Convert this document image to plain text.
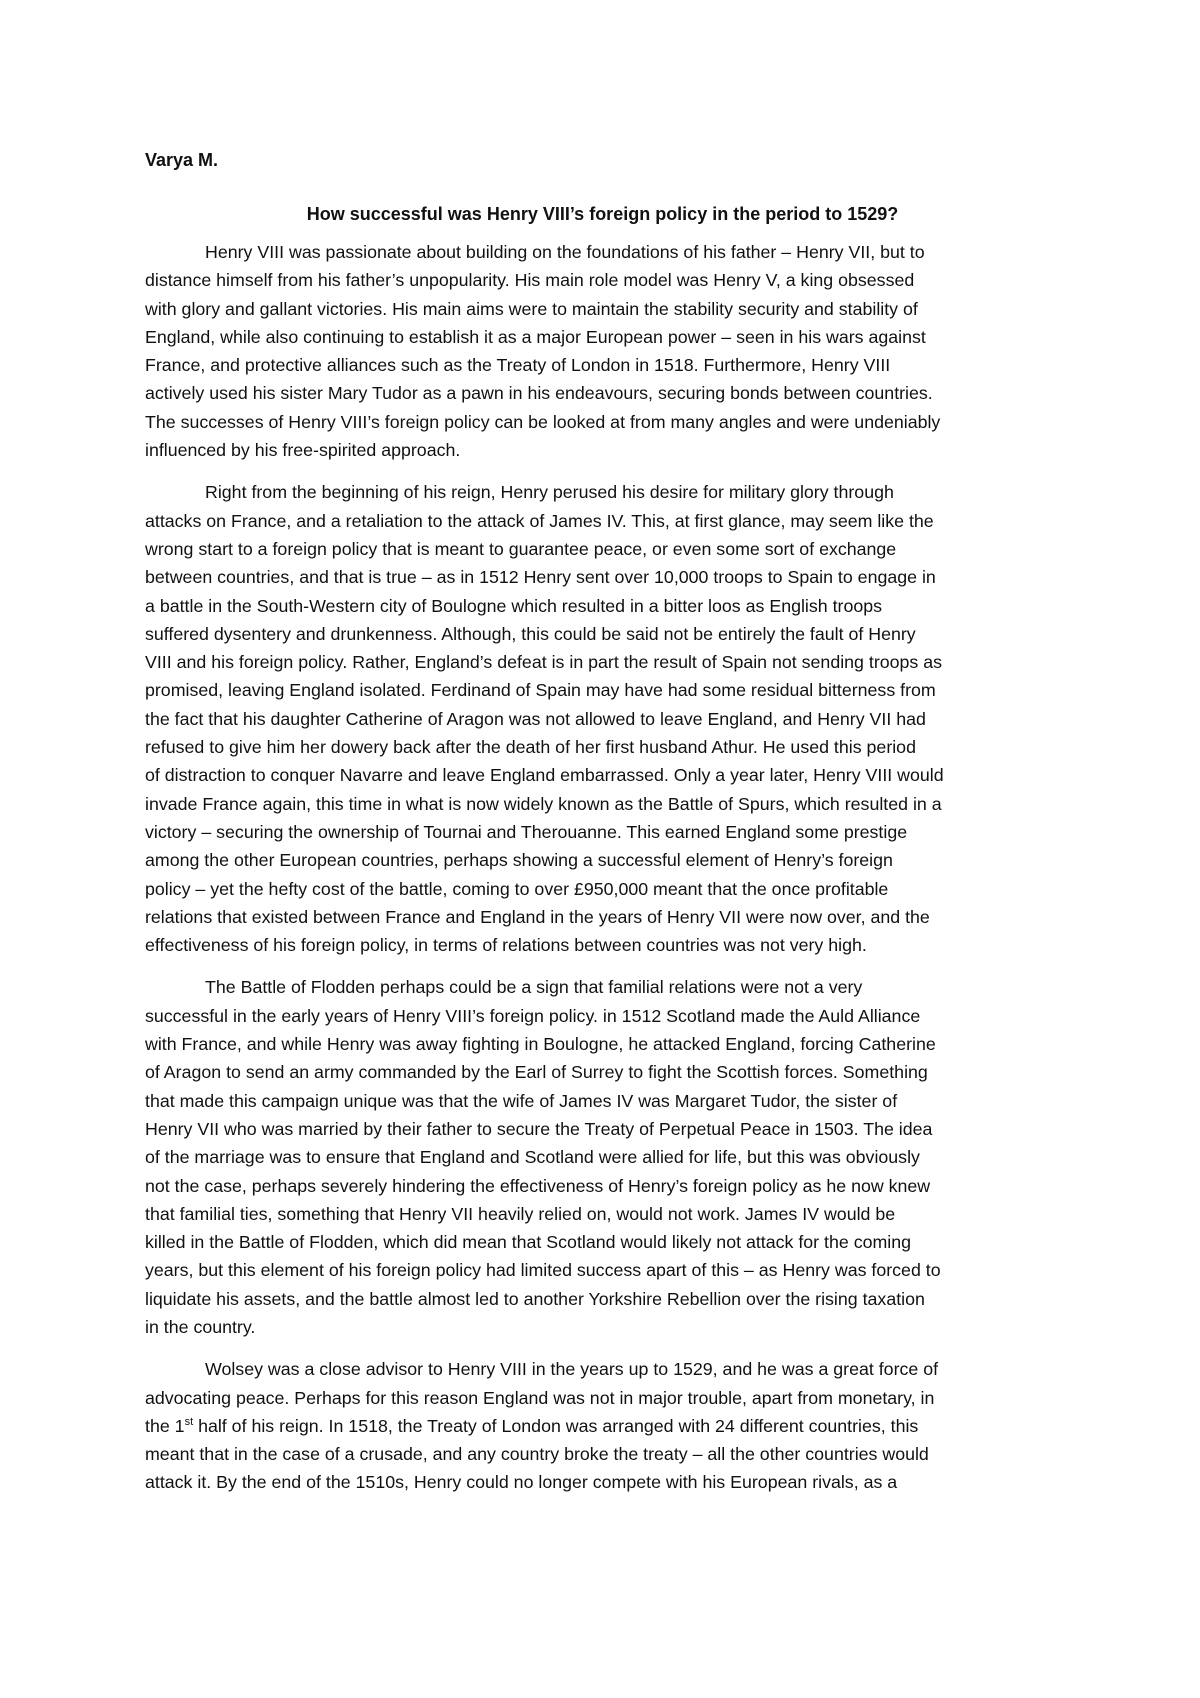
Varya M.
How successful was Henry VIII’s foreign policy in the period to 1529?
Henry VIII was passionate about building on the foundations of his father – Henry VII, but to
distance himself from his father’s unpopularity. His main role model was Henry V, a king obsessed
with glory and gallant victories. His main aims were to maintain the stability security and stability of
England, while also continuing to establish it as a major European power – seen in his wars against
France, and protective alliances such as the Treaty of London in 1518. Furthermore, Henry VIII
actively used his sister Mary Tudor as a pawn in his endeavours, securing bonds between countries.
The successes of Henry VIII’s foreign policy can be looked at from many angles and were undeniably
influenced by his free-spirited approach.
Right from the beginning of his reign, Henry perused his desire for military glory through
attacks on France, and a retaliation to the attack of James IV. This, at first glance, may seem like the
wrong start to a foreign policy that is meant to guarantee peace, or even some sort of exchange
between countries, and that is true – as in 1512 Henry sent over 10,000 troops to Spain to engage in
a battle in the South-Western city of Boulogne which resulted in a bitter loos as English troops
suffered dysentery and drunkenness. Although, this could be said not be entirely the fault of Henry
VIII and his foreign policy. Rather, England’s defeat is in part the result of Spain not sending troops as
promised, leaving England isolated. Ferdinand of Spain may have had some residual bitterness from
the fact that his daughter Catherine of Aragon was not allowed to leave England, and Henry VII had
refused to give him her dowery back after the death of her first husband Athur. He used this period
of distraction to conquer Navarre and leave England embarrassed. Only a year later, Henry VIII would
invade France again, this time in what is now widely known as the Battle of Spurs, which resulted in a
victory – securing the ownership of Tournai and Therouanne. This earned England some prestige
among the other European countries, perhaps showing a successful element of Henry’s foreign
policy – yet the hefty cost of the battle, coming to over £950,000 meant that the once profitable
relations that existed between France and England in the years of Henry VII were now over, and the
effectiveness of his foreign policy, in terms of relations between countries was not very high.
The Battle of Flodden perhaps could be a sign that familial relations were not a very
successful in the early years of Henry VIII’s foreign policy. in 1512 Scotland made the Auld Alliance
with France, and while Henry was away fighting in Boulogne, he attacked England, forcing Catherine
of Aragon to send an army commanded by the Earl of Surrey to fight the Scottish forces. Something
that made this campaign unique was that the wife of James IV was Margaret Tudor, the sister of
Henry VII who was married by their father to secure the Treaty of Perpetual Peace in 1503. The idea
of the marriage was to ensure that England and Scotland were allied for life, but this was obviously
not the case, perhaps severely hindering the effectiveness of Henry’s foreign policy as he now knew
that familial ties, something that Henry VII heavily relied on, would not work. James IV would be
killed in the Battle of Flodden, which did mean that Scotland would likely not attack for the coming
years, but this element of his foreign policy had limited success apart of this – as Henry was forced to
liquidate his assets, and the battle almost led to another Yorkshire Rebellion over the rising taxation
in the country.
Wolsey was a close advisor to Henry VIII in the years up to 1529, and he was a great force of
advocating peace. Perhaps for this reason England was not in major trouble, apart from monetary, in
the 1st half of his reign. In 1518, the Treaty of London was arranged with 24 different countries, this
meant that in the case of a crusade, and any country broke the treaty – all the other countries would
attack it. By the end of the 1510s, Henry could no longer compete with his European rivals, as a
